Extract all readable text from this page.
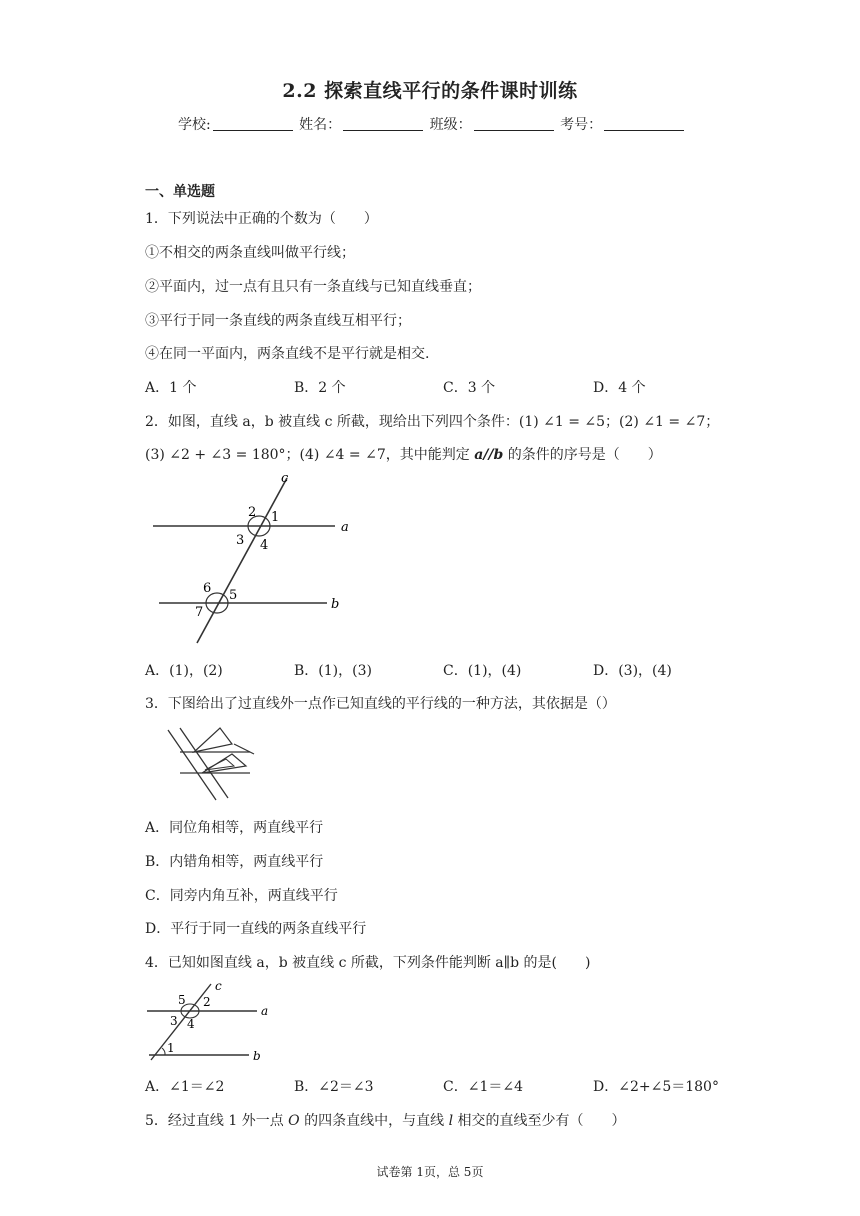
2.2 探索直线平行的条件课时训练
学校:	姓名：	班级：	考号：
一、单选题
1．下列说法中正确的个数为（　　）
①不相交的两条直线叫做平行线；
②平面内，过一点有且只有一条直线与已知直线垂直；
③平行于同一条直线的两条直线互相平行；
④在同一平面内，两条直线不是平行就是相交.
A．1 个	B．2 个	C．3 个	D．4 个
2．如图，直线 a，b 被直线 c 所截，现给出下列四个条件：(1) ∠1 = ∠5；(2) ∠1 = ∠7；
(3) ∠2 + ∠3 = 180°；(4) ∠4 = ∠7，其中能判定 a//b 的条件的序号是（　　）
c
a
b
2 1
3 4
6 5
7
A．(1)，(2)	B．(1)，(3)	C．(1)，(4)	D．(3)，(4)
3．下图给出了过直线外一点作已知直线的平行线的一种方法，其依据是（）
A．同位角相等，两直线平行
B．内错角相等，两直线平行
C．同旁内角互补，两直线平行
D．平行于同一直线的两条直线平行
4．已知如图直线 a，b 被直线 c 所截，下列条件能判断 a∥b 的是(　　)
c
a
b
5 2
3 4
1
A．∠1＝∠2	B．∠2＝∠3	C．∠1＝∠4	D．∠2+∠5＝180°
5．经过直线 1 外一点 O 的四条直线中，与直线 l 相交的直线至少有（　　）
试卷第 1页，总 5页
